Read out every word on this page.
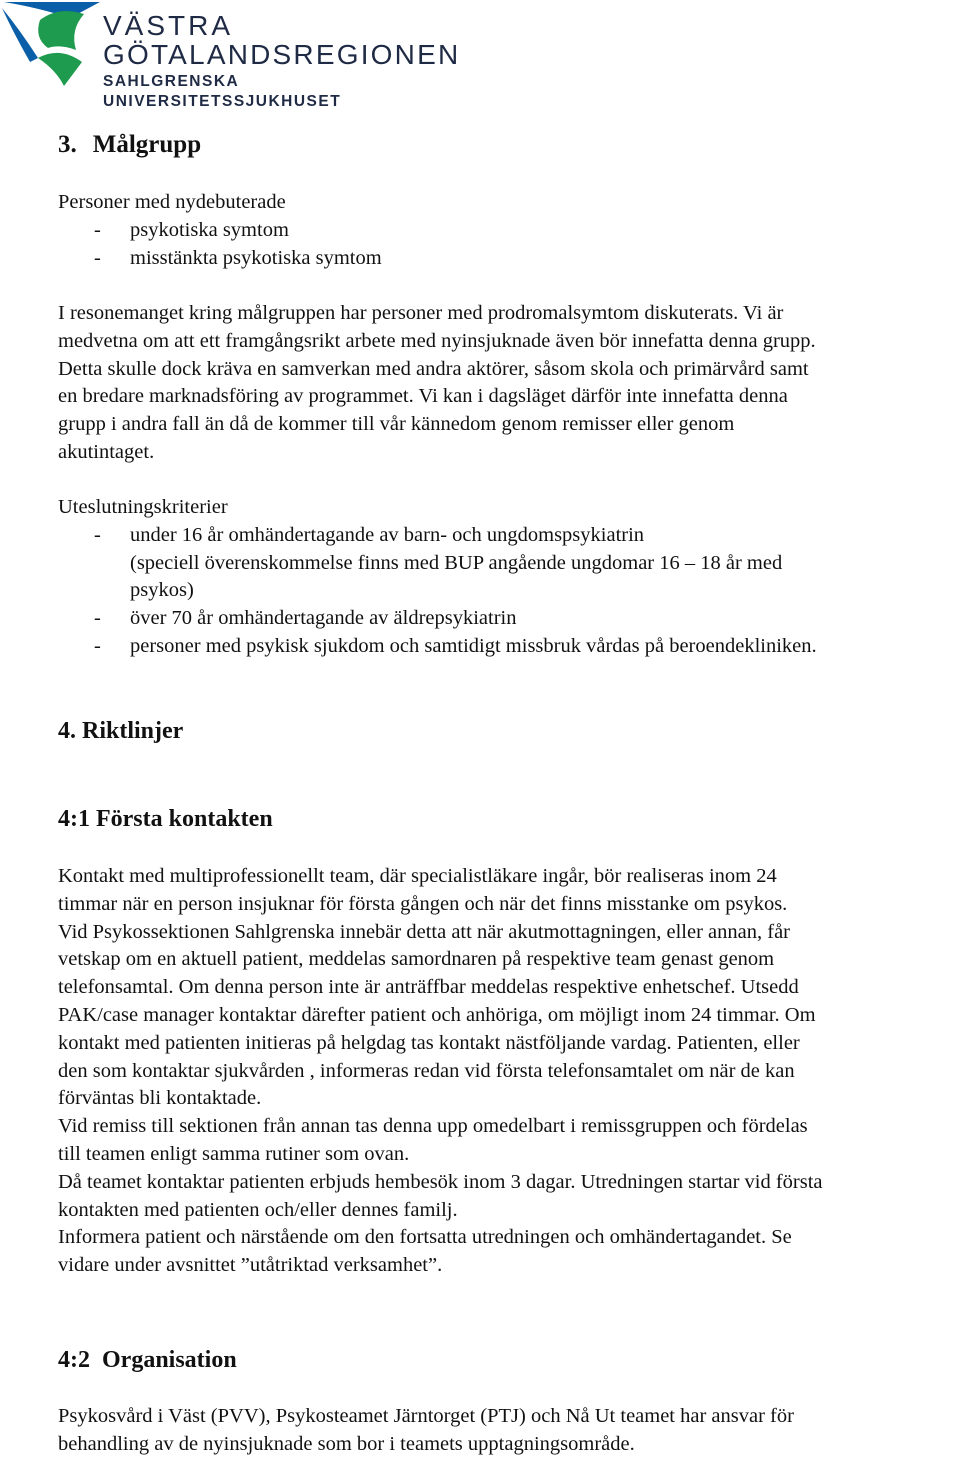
VÄSTRA
GÖTALANDSREGIONEN
SAHLGRENSKA UNIVERSITETSSJUKHUSET
3. Målgrupp

Personer med nydebuterade

- psykotiska symtom
- misstänkta psykotiska symtom

I resonemanget kring målgruppen har personer med prodromalsymtom diskuterats. Vi är

medvetna om att ett framgångsrikt arbete med nyinsjuknade även bör innefatta denna grupp.

Detta skulle dock kräva en samverkan med andra aktörer, såsom skola och primärvård samt

en bredare marknadsföring av programmet. Vi kan i dagsläget därför inte innefatta denna

grupp i andra fall än då de kommer till vår kännedom genom remisser eller genom

akutintaget.

Uteslutningskriterier

- under 16 år omhändertagande av barn- och ungdomspsykiatrin
(speciell överenskommelse finns med BUP angående ungdomar 16 – 18 år med
psykos)
- över 70 år omhändertagande av äldrepsykiatrin
- personer med psykisk sjukdom och samtidigt missbruk vårdas på beroendekliniken.
4. Riktlinjer
4:1 Första kontakten

Kontakt med multiprofessionellt team, där specialistläkare ingår, bör realiseras inom 24

timmar när en person insjuknar för första gången och när det finns misstanke om psykos.

Vid Psykossektionen Sahlgrenska innebär detta att när akutmottagningen, eller annan, får

vetskap om en aktuell patient, meddelas samordnaren på respektive team genast genom

telefonsamtal. Om denna person inte är anträffbar meddelas respektive enhetschef. Utsedd

PAK/case manager kontaktar därefter patient och anhöriga, om möjligt inom 24 timmar. Om

kontakt med patienten initieras på helgdag tas kontakt nästföljande vardag. Patienten, eller

den som kontaktar sjukvården , informeras redan vid första telefonsamtalet om när de kan

förväntas bli kontaktade.

Vid remiss till sektionen från annan tas denna upp omedelbart i remissgruppen och fördelas

till teamen enligt samma rutiner som ovan.

Då teamet kontaktar patienten erbjuds hembesök inom 3 dagar. Utredningen startar vid första

kontakten med patienten och/eller dennes familj.

Informera patient och närstående om den fortsatta utredningen och omhändertagandet. Se

vidare under avsnittet ”utåtriktad verksamhet”.

4:2  Organisation

Psykosvård i Väst (PVV), Psykosteamet Järntorget (PTJ) och Nå Ut teamet har ansvar för

behandling av de nyinsjuknade som bor i teamets upptagningsområde.
